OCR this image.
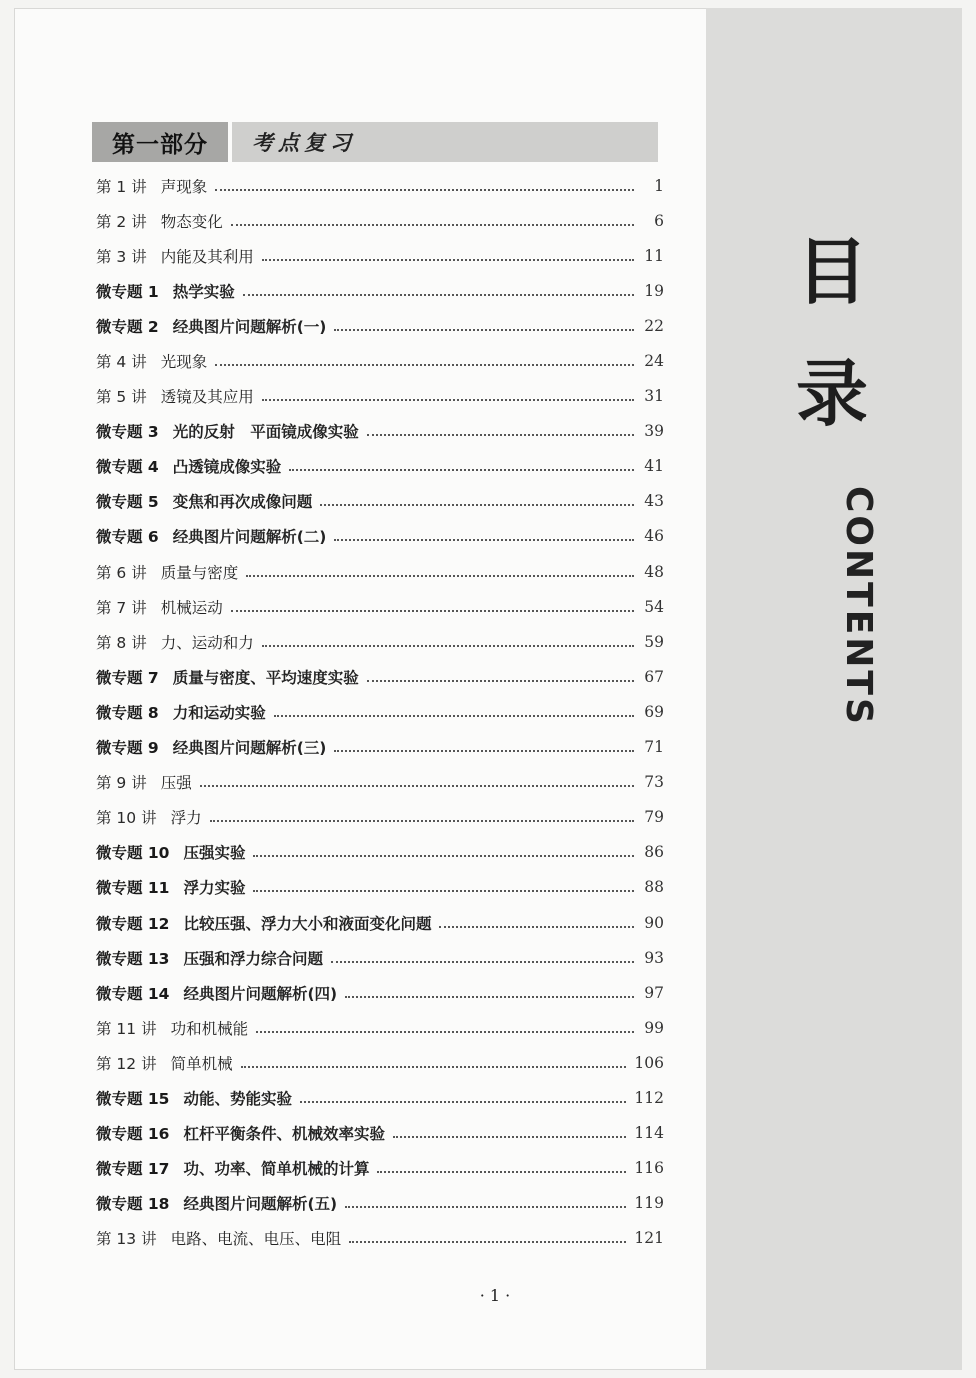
目
录
CONTENTS
第一部分	考点复习
第 1 讲 声现象	1
第 2 讲 物态变化	6
第 3 讲 内能及其利用	11
微专题 1 热学实验	19
微专题 2 经典图片问题解析(一)	22
第 4 讲 光现象	24
第 5 讲 透镜及其应用	31
微专题 3 光的反射　平面镜成像实验	39
微专题 4 凸透镜成像实验	41
微专题 5 变焦和再次成像问题	43
微专题 6 经典图片问题解析(二)	46
第 6 讲 质量与密度	48
第 7 讲 机械运动	54
第 8 讲 力、运动和力	59
微专题 7 质量与密度、平均速度实验	67
微专题 8 力和运动实验	69
微专题 9 经典图片问题解析(三)	71
第 9 讲 压强	73
第 10 讲 浮力	79
微专题 10 压强实验	86
微专题 11 浮力实验	88
微专题 12 比较压强、浮力大小和液面变化问题	90
微专题 13 压强和浮力综合问题	93
微专题 14 经典图片问题解析(四)	97
第 11 讲 功和机械能	99
第 12 讲 简单机械	106
微专题 15 动能、势能实验	112
微专题 16 杠杆平衡条件、机械效率实验	114
微专题 17 功、功率、简单机械的计算	116
微专题 18 经典图片问题解析(五)	119
第 13 讲 电路、电流、电压、电阻	121
· 1 ·
